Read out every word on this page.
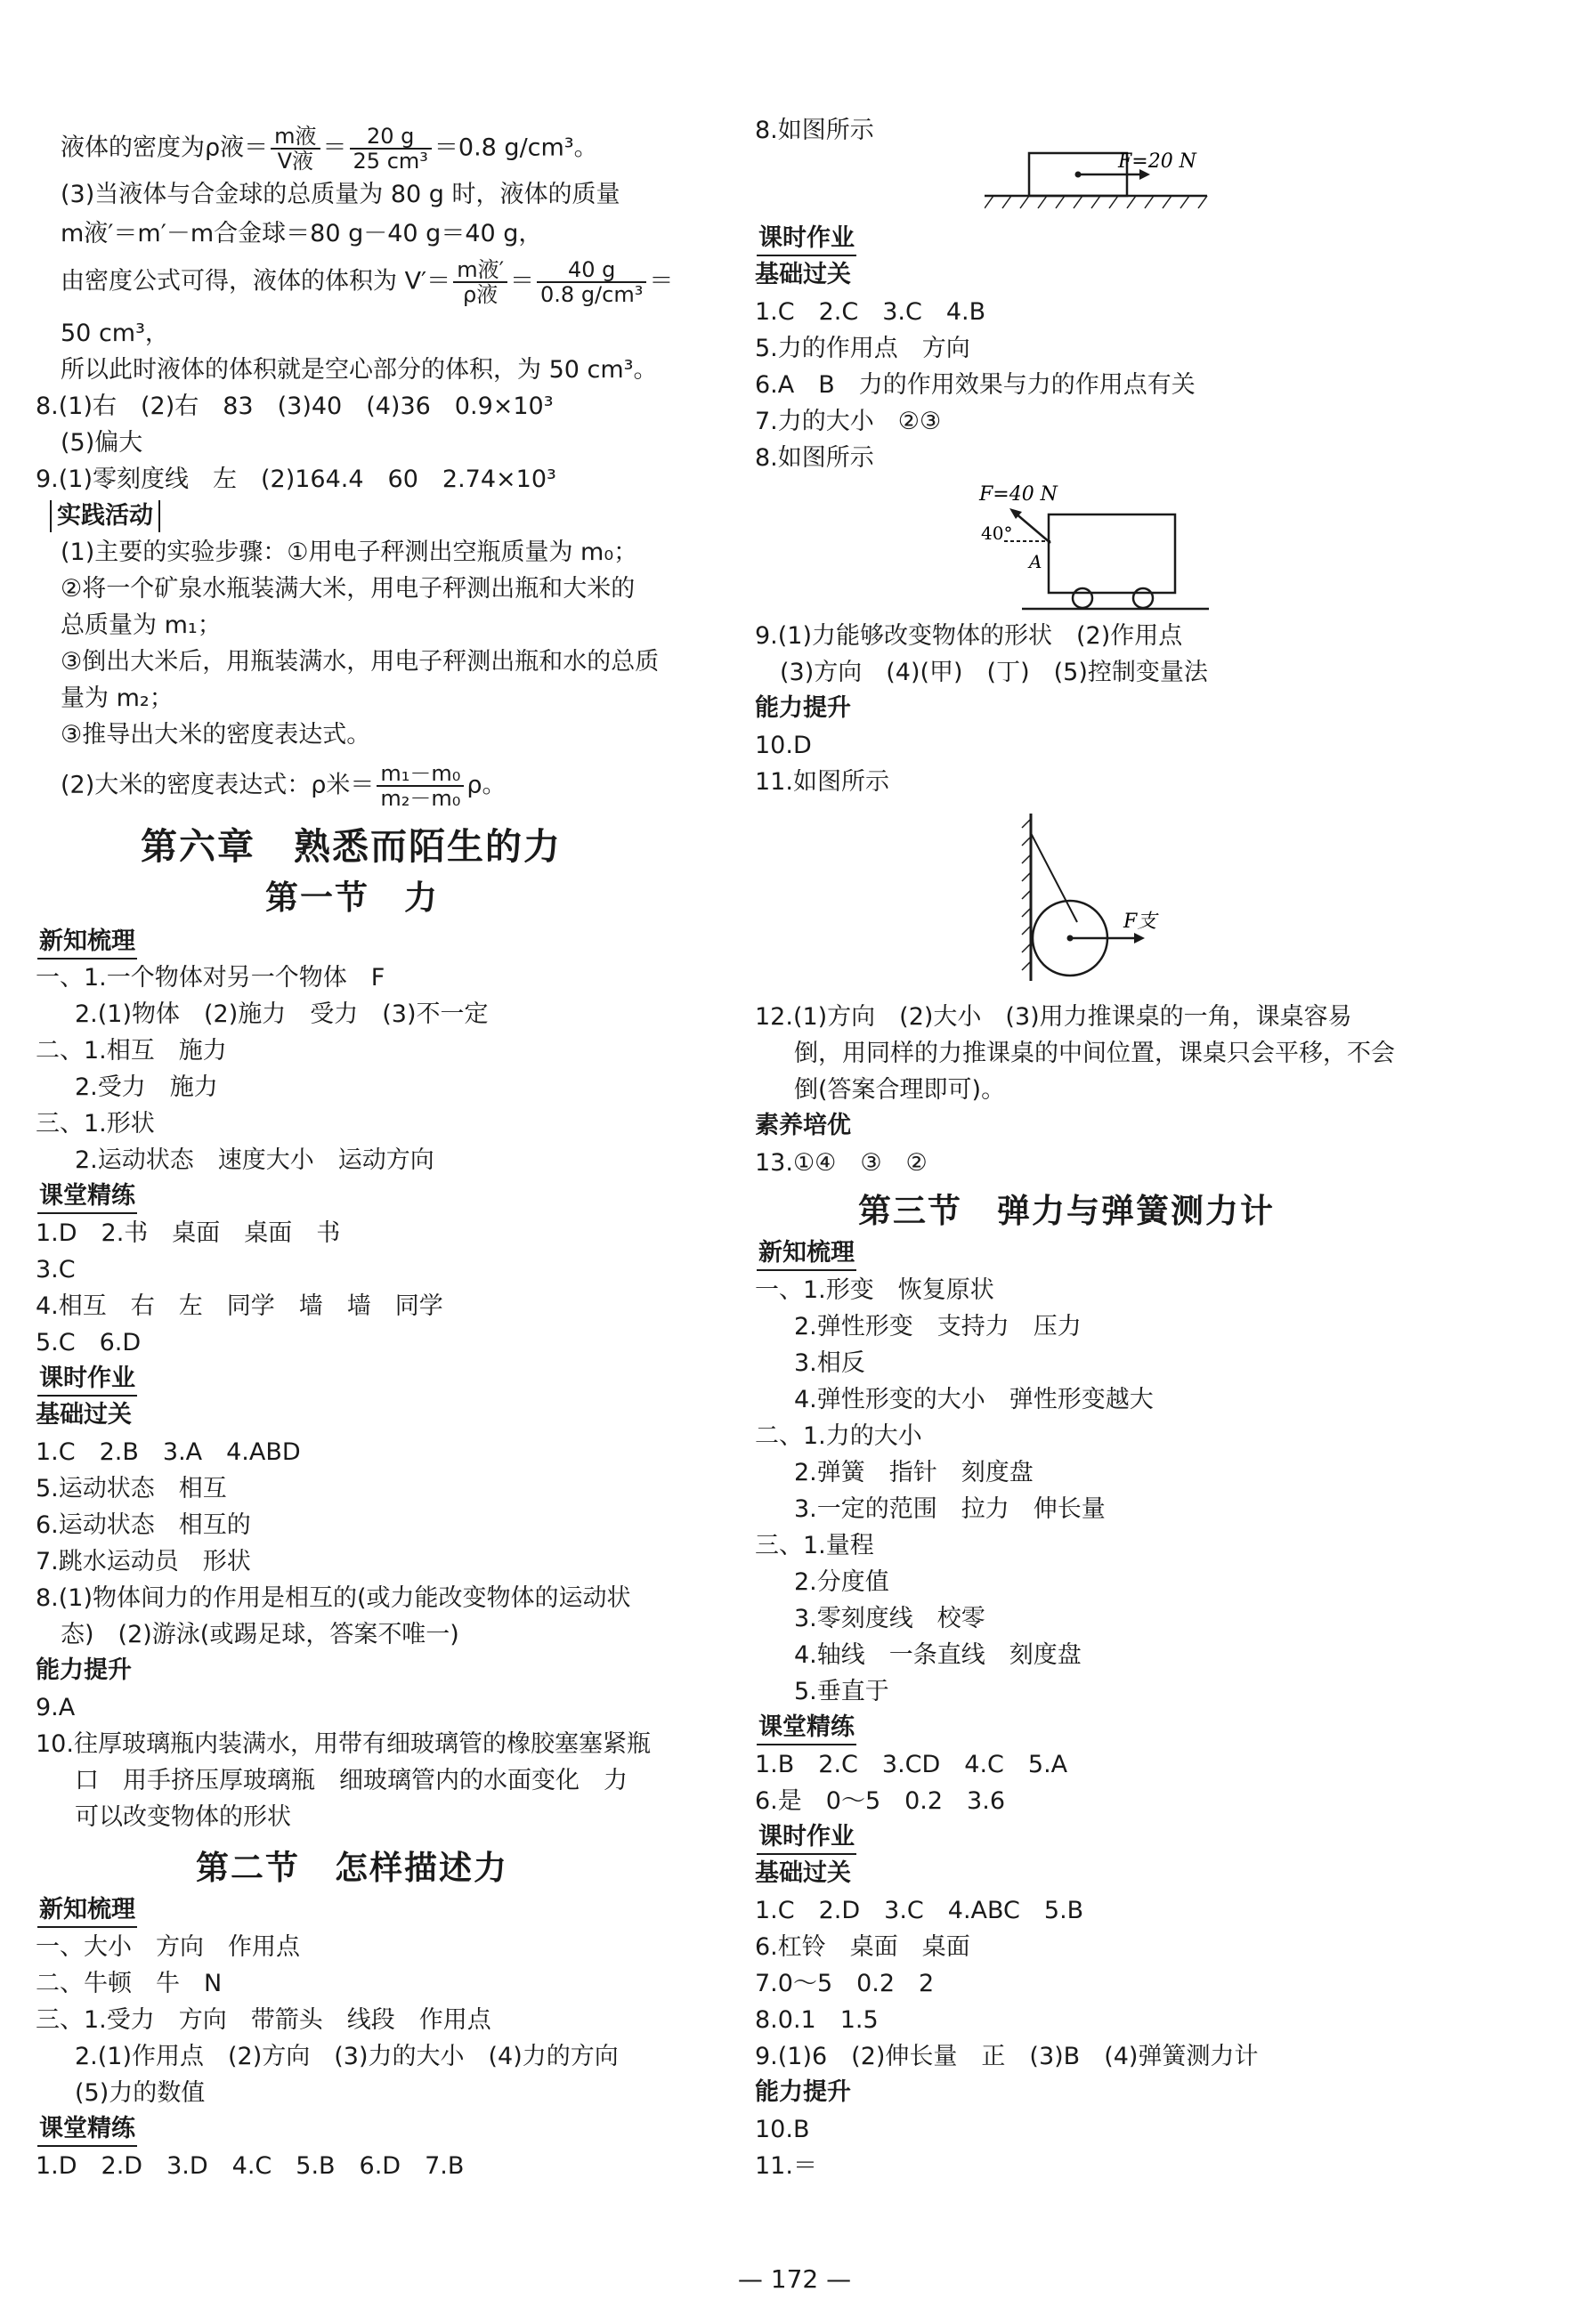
液体的密度为ρ液＝ $\frac{\text{m液}}{\text{V液}} = \frac{20 g}{\text{25 cm³}} =0.8$ g/cm³。
(3)当液体与合金球的总质量为 80 g 时，液体的质量
m液′＝m′－m合金球＝80 g－40 g＝40 g，
由密度公式可得，液体的体积为 $V'= \frac{\text{m液′}}{\text{ρ液}} = \frac{40 g}{\text{0.8 g/cm³}}$ ＝
50 cm³，
所以此时液体的体积就是空心部分的体积，为 50 cm³。
8.(1)右　(2)右　83　(3)40　(4)36　0.9×10³
(5)偏大
9.(1)零刻度线　左　(2)164.4　60　2.74×10³
实践活动
(1)主要的实验步骤：①用电子秤测出空瓶质量为 m₀；
②将一个矿泉水瓶装满大米，用电子秤测出瓶和大米的
总质量为 m₁；
③倒出大米后，用瓶装满水，用电子秤测出瓶和水的总质
量为 m₂；
③推导出大米的密度表达式。
(2)大米的密度表达式：ρ米＝ $\frac{\text{m₁－m₀}}{\text{m₂－m₀}}$ ρ。
第六章　熟悉而陌生的力
第一节　力
新知梳理
一、1.一个物体对另一个物体　F
2.(1)物体　(2)施力　受力　(3)不一定
二、1.相互　施力
2.受力　施力
三、1.形状
2.运动状态　速度大小　运动方向
课堂精练
1.D　2.书　桌面　桌面　书
3.C
4.相互　右　左　同学　墙　墙　同学
5.C　6.D
课时作业
基础过关
1.C　2.B　3.A　4.ABD
5.运动状态　相互
6.运动状态　相互的
7.跳水运动员　形状
8.(1)物体间力的作用是相互的(或力能改变物体的运动状
态)　(2)游泳(或踢足球，答案不唯一)
能力提升
9.A
10.往厚玻璃瓶内装满水，用带有细玻璃管的橡胶塞塞紧瓶
口　用手挤压厚玻璃瓶　细玻璃管内的水面变化　力
可以改变物体的形状
第二节　怎样描述力
新知梳理
一、大小　方向　作用点
二、牛顿　牛　N
三、1.受力　方向　带箭头　线段　作用点
2.(1)作用点　(2)方向　(3)力的大小　(4)力的方向
(5)力的数值
课堂精练
1.D　2.D　3.D　4.C　5.B　6.D　7.B
8.如图所示
F=20 N
课时作业
基础过关
1.C　2.C　3.C　4.B
5.力的作用点　方向
6.A　B　力的作用效果与力的作用点有关
7.力的大小　②③
8.如图所示
F=40 N
40°
A
9.(1)力能够改变物体的形状　(2)作用点
(3)方向　(4)(甲)　(丁)　(5)控制变量法
能力提升
10.D
11.如图所示
F支
12.(1)方向　(2)大小　(3)用力推课桌的一角，课桌容易
倒，用同样的力推课桌的中间位置，课桌只会平移，不会
倒(答案合理即可)。
素养培优
13.①④　③　②
第三节　弹力与弹簧测力计
新知梳理
一、1.形变　恢复原状
2.弹性形变　支持力　压力
3.相反
4.弹性形变的大小　弹性形变越大
二、1.力的大小
2.弹簧　指针　刻度盘
3.一定的范围　拉力　伸长量
三、1.量程
2.分度值
3.零刻度线　校零
4.轴线　一条直线　刻度盘
5.垂直于
课堂精练
1.B　2.C　3.CD　4.C　5.A
6.是　0～5　0.2　3.6
课时作业
基础过关
1.C　2.D　3.C　4.ABC　5.B
6.杠铃　桌面　桌面
7.0～5　0.2　2
8.0.1　1.5
9.(1)6　(2)伸长量　正　(3)B　(4)弹簧测力计
能力提升
10.B
11.＝
— 172 —
